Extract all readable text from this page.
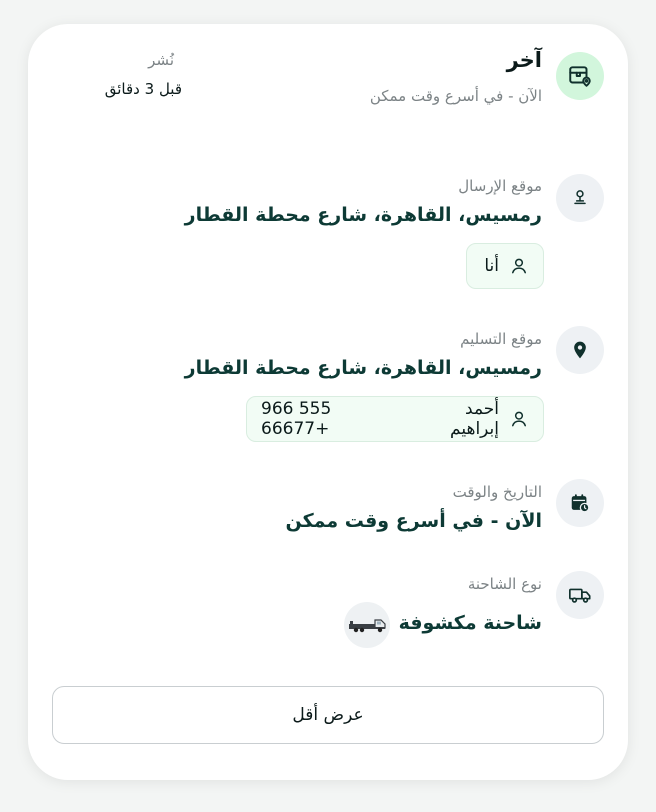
آخر
الآن - في أسرع وقت ممكن
نُشر
قبل 3 دقائق
موقع الإرسال
رمسيس، القاهرة، شارع محطة القطار
أنا
موقع التسليم
رمسيس، القاهرة، شارع محطة القطار
أحمد إبراهيم
966 555 66677+
التاريخ والوقت
الآن - في أسرع وقت ممكن
نوع الشاحنة
شاحنة مكشوفة
عرض أقل
